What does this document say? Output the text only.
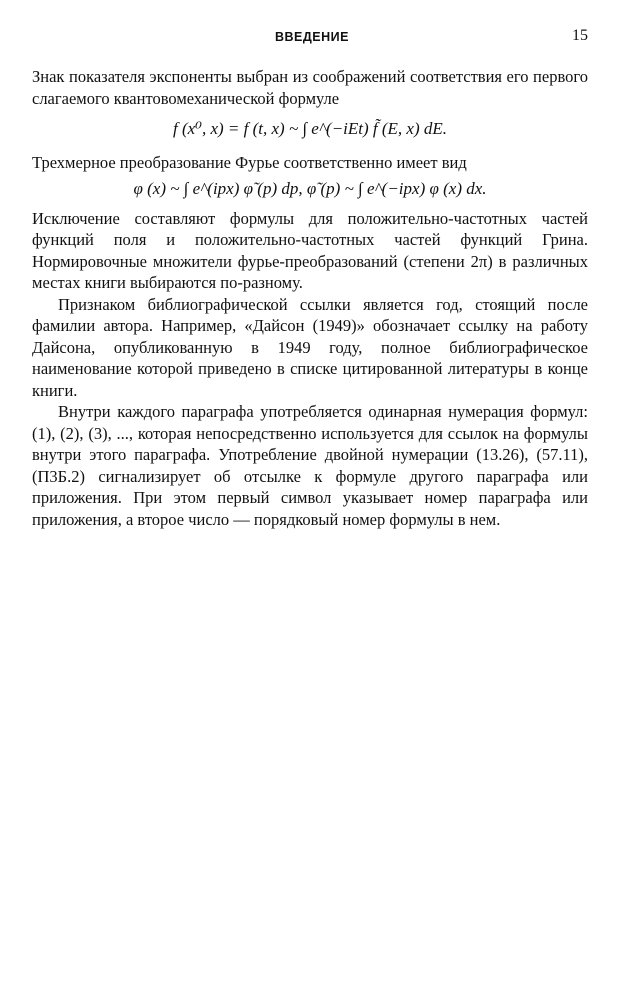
ВВЕДЕНИЕ	15

Знак показателя экспоненты выбран из соображений соответствия его первого слагаемого квантовомеханической формуле

f (x⁰, x) = f (t, x) ~ ∫ e^(−iEt) f̃ (E, x) dE.

Трехмерное преобразование Фурье соответственно имеет вид

φ (x) ~ ∫ e^(ipx) φ̃ (p) dp, φ̃ (p) ~ ∫ e^(−ipx) φ (x) dx.

Исключение составляют формулы для положительно-частотных частей функций поля и положительно-частотных частей функций Грина. Нормировочные множители фурье-преобразований (степени 2π) в различных местах книги выбираются по-разному.

Признаком библиографической ссылки является год, стоящий после фамилии автора. Например, «Дайсон (1949)» обозначает ссылку на работу Дайсона, опубликованную в 1949 году, полное библиографическое наименование которой приведено в списке цитированной литературы в конце книги.

Внутри каждого параграфа употребляется одинарная нумерация формул: (1), (2), (3), ..., которая непосредственно используется для ссылок на формулы внутри этого параграфа. Употребление двойной нумерации (13.26), (57.11), (П3Б.2) сигнализирует об отсылке к формуле другого параграфа или приложения. При этом первый символ указывает номер параграфа или приложения, а второе число — порядковый номер формулы в нем.
